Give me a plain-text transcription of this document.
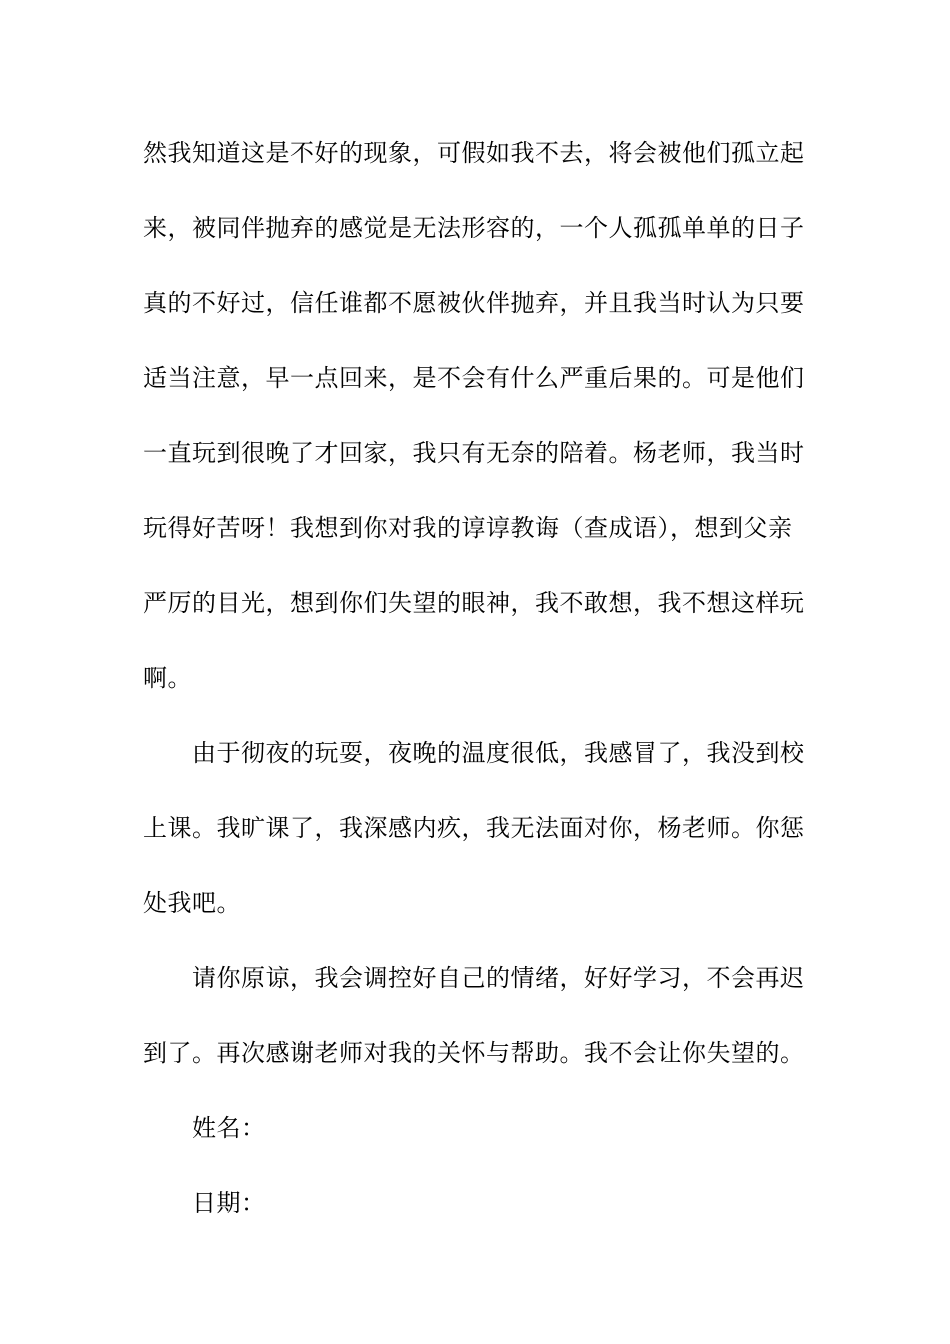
然我知道这是不好的现象，可假如我不去，将会被他们孤立起
来，被同伴抛弃的感觉是无法形容的，一个人孤孤单单的日子
真的不好过，信任谁都不愿被伙伴抛弃，并且我当时认为只要
适当注意，早一点回来，是不会有什么严重后果的。可是他们
一直玩到很晚了才回家，我只有无奈的陪着。杨老师，我当时
玩得好苦呀！我想到你对我的谆谆教诲（查成语），想到父亲
严厉的目光，想到你们失望的眼神，我不敢想，我不想这样玩
啊。
由于彻夜的玩耍，夜晚的温度很低，我感冒了，我没到校
上课。我旷课了，我深感内疚，我无法面对你，杨老师。你惩
处我吧。
请你原谅，我会调控好自己的情绪，好好学习，不会再迟
到了。再次感谢老师对我的关怀与帮助。我不会让你失望的。
姓名：
日期：
